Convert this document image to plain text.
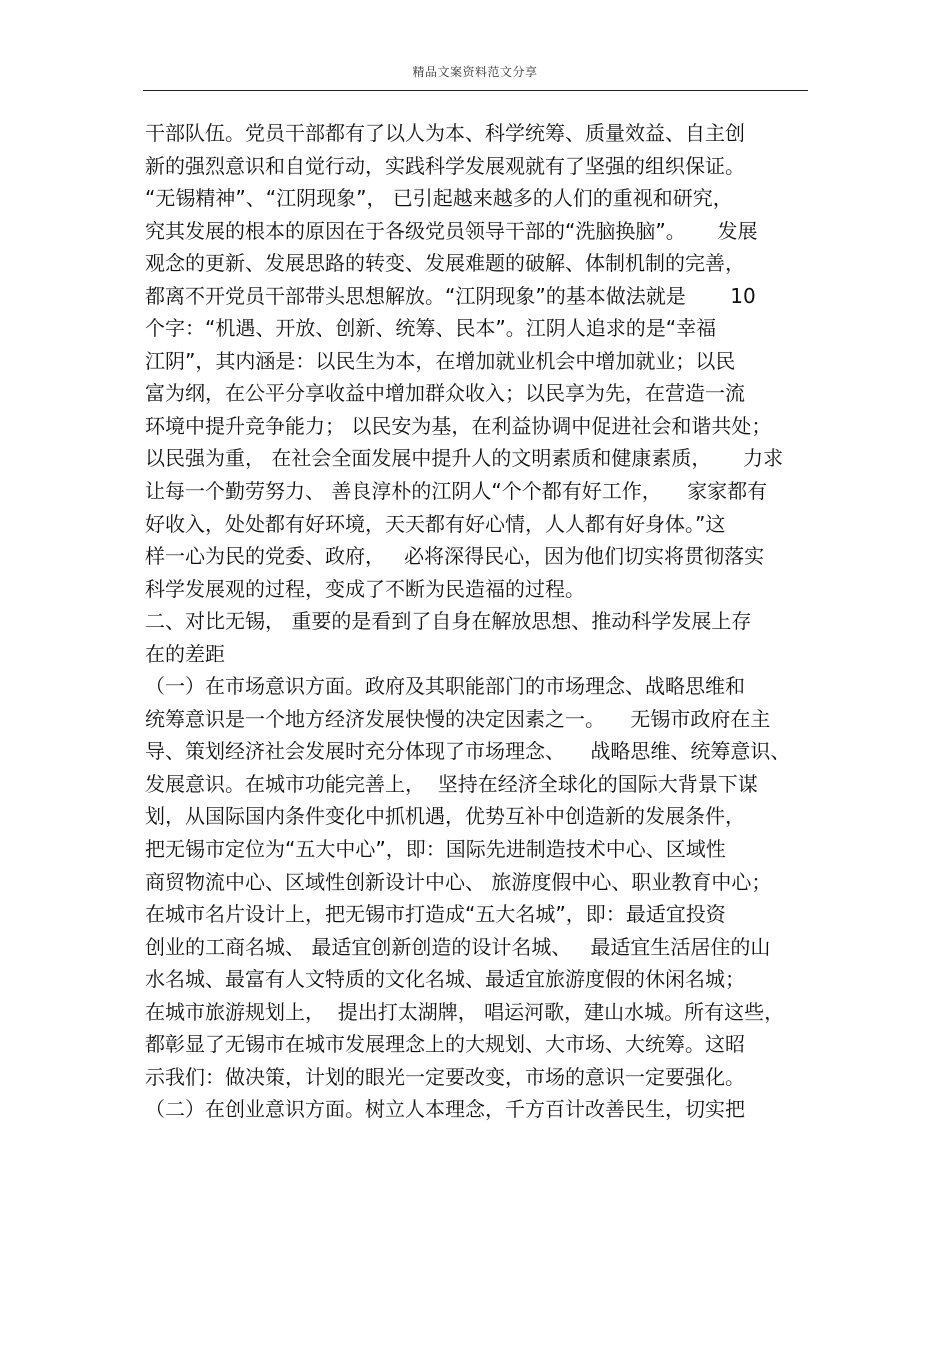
精品文案资料范文分享
干部队伍。党员干部都有了以人为本、科学统筹、质量效益、自主创
新的强烈意识和自觉行动，实践科学发展观就有了坚强的组织保证。
“无锡精神”、“江阴现象”， 已引起越来越多的人们的重视和研究，
究其发展的根本的原因在于各级党员领导干部的“洗脑换脑”。     发展
观念的更新、发展思路的转变、发展难题的破解、体制机制的完善，
都离不开党员干部带头思想解放。“江阴现象”的基本做法就是       10
个字：“机遇、开放、创新、统筹、民本”。江阴人追求的是“幸福
江阴”，其内涵是：以民生为本，在增加就业机会中增加就业；以民
富为纲，在公平分享收益中增加群众收入；以民享为先，在营造一流
环境中提升竞争能力； 以民安为基，在利益协调中促进社会和谐共处；
以民强为重， 在社会全面发展中提升人的文明素质和健康素质，     力求
让每一个勤劳努力、 善良淳朴的江阴人“个个都有好工作，    家家都有
好收入，处处都有好环境，天天都有好心情，人人都有好身体。”这
样一心为民的党委、政府，   必将深得民心，因为他们切实将贯彻落实
科学发展观的过程，变成了不断为民造福的过程。
二、对比无锡， 重要的是看到了自身在解放思想、推动科学发展上存
在的差距
（一）在市场意识方面。政府及其职能部门的市场理念、战略思维和
统筹意识是一个地方经济发展快慢的决定因素之一。    无锡市政府在主
导、策划经济社会发展时充分体现了市场理念、    战略思维、统筹意识、
发展意识。在城市功能完善上，  坚持在经济全球化的国际大背景下谋
划，从国际国内条件变化中抓机遇，优势互补中创造新的发展条件，
把无锡市定位为“五大中心”，即：国际先进制造技术中心、区域性
商贸物流中心、区域性创新设计中心、 旅游度假中心、职业教育中心；
在城市名片设计上，把无锡市打造成“五大名城”，即：最适宜投资
创业的工商名城、 最适宜创新创造的设计名城、   最适宜生活居住的山
水名城、最富有人文特质的文化名城、最适宜旅游度假的休闲名城；
在城市旅游规划上，  提出打太湖牌， 唱运河歌，建山水城。所有这些，
都彰显了无锡市在城市发展理念上的大规划、大市场、大统筹。这昭
示我们：做决策，计划的眼光一定要改变，市场的意识一定要强化。
（二）在创业意识方面。树立人本理念，千方百计改善民生，切实把
